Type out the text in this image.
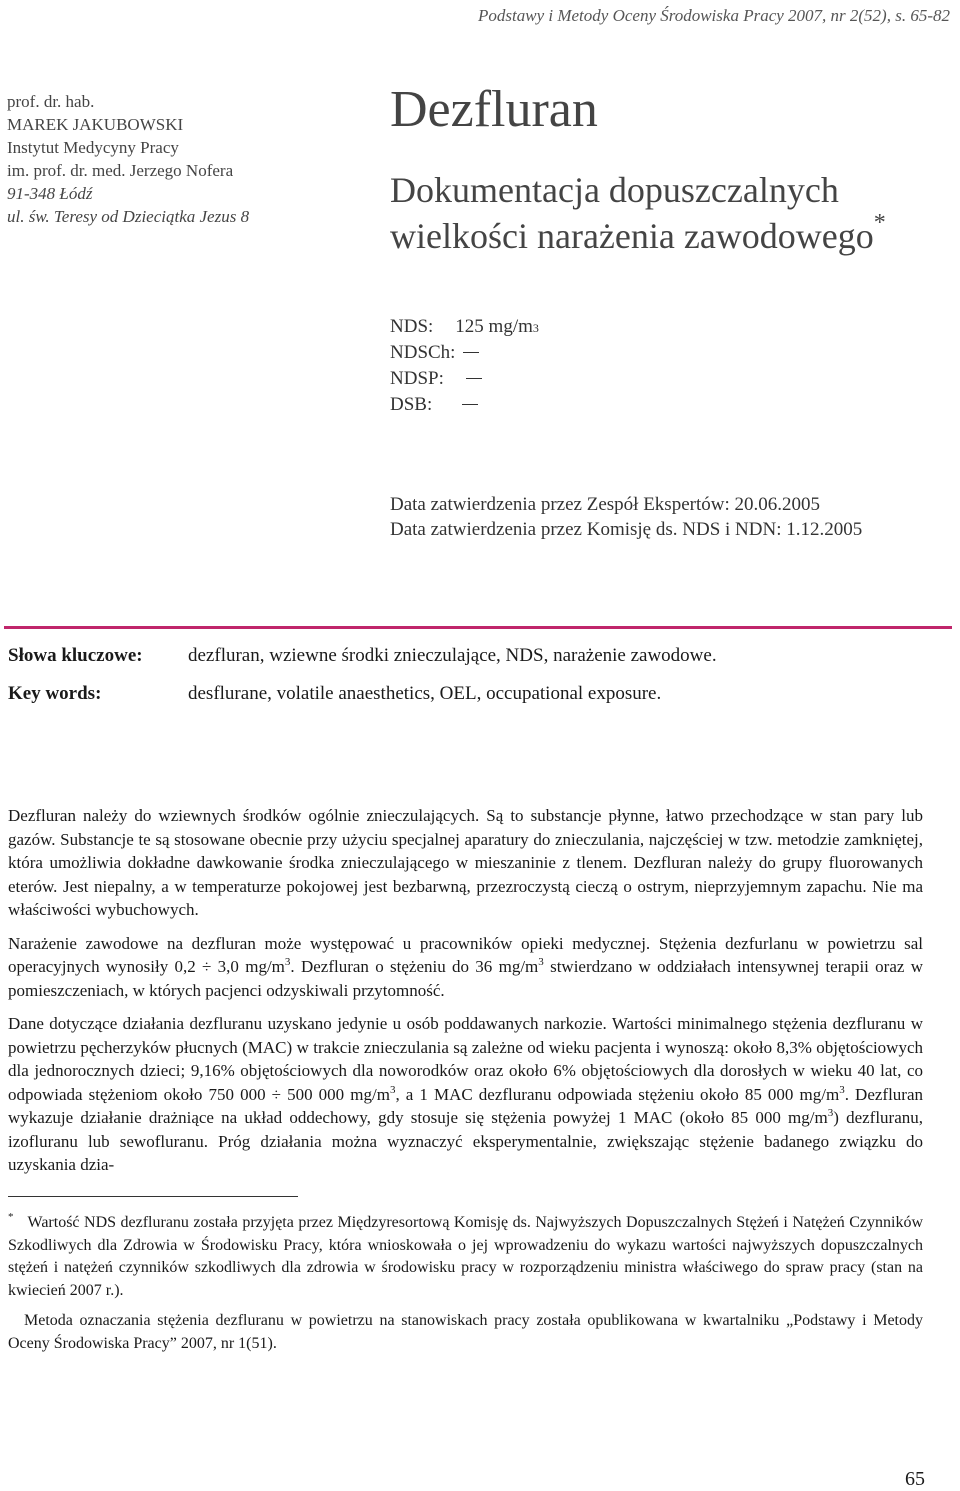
Podstawy i Metody Oceny Środowiska Pracy 2007, nr 2(52), s. 65-82
prof. dr. hab.
MAREK JAKUBOWSKI
Instytut Medycyny Pracy
im. prof. dr. med. Jerzego Nofera
91-348 Łódź
ul. św. Teresy od Dzieciątka Jezus 8
Dezfluran
Dokumentacja dopuszczalnych
wielkości narażenia zawodowego*
NDS: 125 mg/m 3
NDSCh:
NDSP:
DSB:
Data zatwierdzenia przez Zespół Ekspertów: 20.06.2005
Data zatwierdzenia przez Komisję ds. NDS i NDN: 1.12.2005
Słowa kluczowe:	dezfluran, wziewne środki znieczulające, NDS, narażenie zawodowe.
Key words:	desflurane, volatile anaesthetics, OEL, occupational exposure.

Dezfluran należy do wziewnych środków ogólnie znieczulających. Są to substancje płynne, łatwo przechodzące w stan pary lub gazów. Substancje te są stosowane obecnie przy użyciu specjalnej aparatury do znieczulania, najczęściej w tzw. metodzie zamkniętej, która umożliwia dokładne dawkowanie środka znieczulającego w mieszaninie z tlenem. Dezfluran należy do grupy fluorowanych eterów. Jest niepalny, a w temperaturze pokojowej jest bezbarwną, przezroczystą cieczą o ostrym, nieprzyjemnym zapachu. Nie ma właściwości wybuchowych.

Narażenie zawodowe na dezfluran może występować u pracowników opieki medycznej. Stężenia dezfurlanu w powietrzu sal operacyjnych wynosiły 0,2 ÷ 3,0 $mg/m^3$. Dezfluran o stężeniu do 36 $mg/m^3$ stwierdzano w oddziałach intensywnej terapii oraz w pomieszczeniach, w których pacjenci odzyskiwali przytomność.

Dane dotyczące działania dezfluranu uzyskano jedynie u osób poddawanych narkozie. Wartości minimalnego stężenia dezfluranu w powietrzu pęcherzyków płucnych (MAC) w trakcie znieczulania są zależne od wieku pacjenta i wynoszą: około 8,3% objętościowych dla jednorocznych dzieci; 9,16% objętościowych dla noworodków oraz około 6% objętościowych dla dorosłych w wieku 40 lat, co odpowiada stężeniom około 750 000 ÷ 500 000 $mg/m^3$, a 1 MAC dezfluranu odpowiada stężeniu około 85 000 $mg/m^3$. Dezfluran wykazuje działanie drażniące na układ oddechowy, gdy stosuje się stężenia powyżej 1 MAC (około 85 000 $mg/m^3$) dezfluranu, izofluranu lub sewofluranu. Próg działania można wyznaczyć eksperymentalnie, zwiększając stężenie badanego związku do uzyskania dzia-

* Wartość NDS dezfluranu została przyjęta przez Międzyresortową Komisję ds. Najwyższych Dopuszczalnych Stężeń i Natężeń Czynników Szkodliwych dla Zdrowia w Środowisku Pracy, która wnioskowała o jej wprowadzeniu do wykazu wartości najwyższych dopuszczalnych stężeń i natężeń czynników szkodliwych dla zdrowia w środowisku pracy w rozporządzeniu ministra właściwego do spraw pracy (stan na kwiecień 2007 r.).

Metoda oznaczania stężenia dezfluranu w powietrzu na stanowiskach pracy została opublikowana w kwartalniku „Podstawy i Metody Oceny Środowiska Pracy” 2007, nr 1(51).

65
